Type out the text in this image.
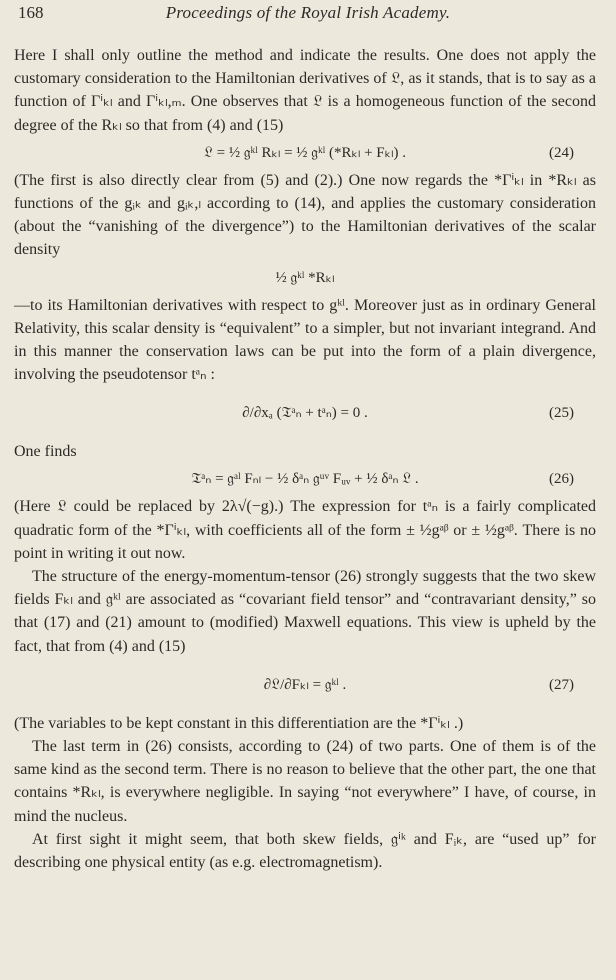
168	Proceedings of the Royal Irish Academy.

Here I shall only outline the method and indicate the results. One does not apply the customary consideration to the Hamiltonian derivatives of 𝔏, as it stands, that is to say as a function of Γⁱₖₗ and Γⁱₖₗ,ₘ. One observes that 𝔏 is a homogeneous function of the second degree of the Rₖₗ so that from (4) and (15)

𝔏 = ½ 𝔤ᵏˡ Rₖₗ = ½ 𝔤ᵏˡ (*Rₖₗ + Fₖₗ) .	(24)

(The first is also directly clear from (5) and (2).) One now regards the *Γⁱₖₗ in *Rₖₗ as functions of the gᵢₖ and gᵢₖ,ₗ according to (14), and applies the customary consideration (about the “vanishing of the divergence”) to the Hamiltonian derivatives of the scalar density

½ 𝔤ᵏˡ *Rₖₗ

—to its Hamiltonian derivatives with respect to gᵏˡ. Moreover just as in ordinary General Relativity, this scalar density is “equivalent” to a simpler, but not invariant integrand. And in this manner the conservation laws can be put into the form of a plain divergence, involving the pseudotensor tᵃₙ :

∂/∂xₐ (𝔗ᵃₙ + tᵃₙ) = 0 .	(25)

One finds

𝔗ᵃₙ = 𝔤ᵃˡ Fₙₗ − ½ δᵃₙ 𝔤ᵘᵛ Fᵤᵥ + ½ δᵃₙ 𝔏 .	(26)

(Here 𝔏 could be replaced by 2λ√(−g).) The expression for tᵃₙ is a fairly complicated quadratic form of the *Γⁱₖₗ, with coefficients all of the form ± ½gᵃᵝ or ± ½gᵃᵝ. There is no point in writing it out now.

The structure of the energy-momentum-tensor (26) strongly suggests that the two skew fields Fₖₗ and 𝔤ᵏˡ are associated as “covariant field tensor” and “contravariant density,” so that (17) and (21) amount to (modified) Maxwell equations. This view is upheld by the fact, that from (4) and (15)

∂𝔏/∂Fₖₗ = 𝔤ᵏˡ .	(27)

(The variables to be kept constant in this differentiation are the *Γⁱₖₗ .)

The last term in (26) consists, according to (24) of two parts. One of them is of the same kind as the second term. There is no reason to believe that the other part, the one that contains *Rₖₗ, is everywhere negligible. In saying “not everywhere” I have, of course, in mind the nucleus.

At first sight it might seem, that both skew fields, 𝔤ⁱᵏ and Fᵢₖ, are “used up” for describing one physical entity (as e.g. electromagnetism).
